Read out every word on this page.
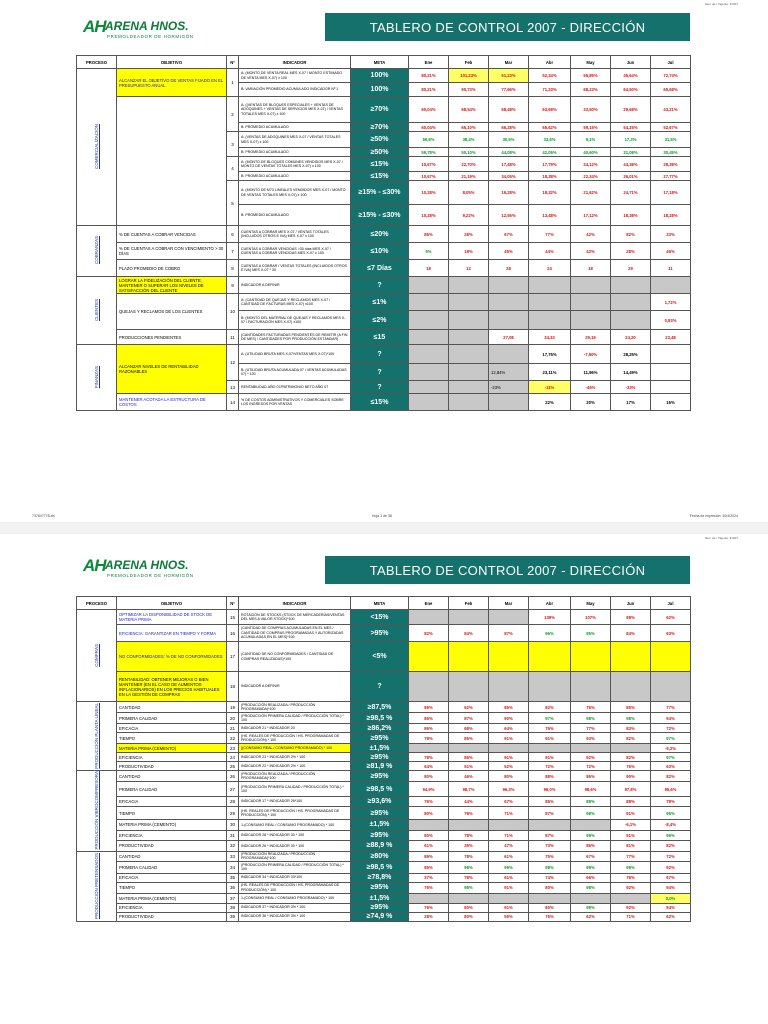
Rev. de / Vigente: 2/3/07
AH ARENA HNOS.
PREMOLDEADOR DE HORMIGÓN
TABLERO DE CONTROL 2007 - DIRECCIÓN
PROCESO	OBJETIVO	Nº	INDICADOR	META	Ene	Feb	Mar	Abr	May	Jun	Jul
COMERCIALIZACIÓN	ALCANZAR EL OBJETIVO DE VENTAS FIJADO EN EL PRESUPUESTO ANUAL	1	A: (MONTO DE VENTA REAL MES X-07 / MONTO ESTIMADO DE VENTA MES X-07) x 100	100%	80,21%	101,23%	51,23%	52,34%	55,85%	45,64%	72,74%
			B: VARIACIÓN PROMEDIO ACUMULADO INDICADOR Nº 1	100%	80,21%	90,73%	77,66%	71,33%	68,23%	64,50%	65,68%
		2	A: ((VENTAS DE BLOQUES ESPECIALES + VENTAS DE ADOQUINES + VENTAS DE SERVICIOS MES X-07) / VENTAS TOTALES MES X-07) x 100	≥70%	60,04%	68,54%	68,48%	63,69%	33,50%	29,68%	43,21%
			B: PROMEDIO ACUMULADO	≥70%	60,04%	65,10%	66,28%	65,62%	59,15%	54,25%	52,67%
		3	A: (VENTAS DE ADOQUINES MES X-07 / VENTAS TOTALES MES X-07) x 100	≥50%	59,6%	38,4%	30,5%	33,6%	9,1%	17,3%	31,5%
			B: PROMEDIO ACUMULADO	≥50%	59,78%	50,10%	44,08%	42,05%	40,60%	31,08%	30,45%
		4	A: (MONTO DE BLOQUES COMUNES VENDIDOS MES X-07 / MONTO DE VENTAS TOTALES MES X-07) x 100	≤15%	10,67%	22,70%	17,48%	17,79%	24,12%	44,38%	28,38%
			B: PROMEDIO ACUMULADO	≤15%	10,67%	21,19%	34,05%	18,38%	22,34%	26,01%	27,77%
		5	A: (MONTO DE M73 LINEALES VENDIDOS MES X-07 / MONTO DE VENTAS TOTALES MES X-07) x 100	≥15% - ≤30%	10,28%	8,05%	19,28%	18,32%	21,62%	24,71%	17,18%
			B: PROMEDIO ACUMULADO	≥15% - ≤30%	10,28%	9,22%	12,55%	13,48%	17,12%	18,38%	18,28%
COBRANZAS	% DE CUENTAS A COBRAR VENCIDAS	6	CUENTAS A COBRAR MES X-07 / VENTAS TOTALES (INCLUIDOS OTROS E IVA) MES X-07 x 100	≤20%	85%	28%	67%	77%	42%	82%	33%
	% DE CUENTAS A COBRAR CON VENCIMIENTO > 30 DÍAS	7	CUENTAS A COBRAR VENCIDAS >30 días MES X-07 / CUENTAS A COBRAR VENCIDAS MES X-07 x 100	≤10%	5%	18%	45%	44%	42%	28%	46%
	PLAZO PROMEDIO DE COBRO	8	CUENTAS A COBRAR / VENTAS TOTALES (INCLUIDOS OTROS E IVA) MES X-07 * 30	≤7 Días	18	12	28	24	18	29	11
CLIENTES	LOGRAR LA FIDELIZACIÓN DEL CLIENTE, MANTENER O SUPERAR LOS NIVELES DE SATISFACCIÓN DEL CLIENTE	9	INDICADOR A DEFINIR	?							
	QUEJAS Y RECLAMOS DE LOS CLIENTES	10	A: (CANTIDAD DE QUEJAS Y RECLAMOS MES X-07 / CANTIDAD DE FACTURAS MES X-07) x100	≤1%							1,72%
			B: (MONTO DEL MATERIAL DE QUEJAS Y RECLAMOS MES X-07 / FACTURACIÓN MES X-07) x100	≤2%							0,93%
	PRODUCCIONES PENDIENTES	11	(CANTIDADES FACTURADAS PENDIENTES DE REMITIR (A FIN DE MES) / CANTIDADES POR PRODUCCIÓN ESTÁNDAR)	≤15			27,08	34,33	29,19	24,20	23,48
FINANZAS	ALCANZAR NIVELES DE RENTABILIDAD RAZONABLES	12	A: (UTILIDAD BRUTA MES X-07/VENTAS MES X-07)*100	?				17,75%	-7,50%	28,25%	
			B: (UTILIDAD BRUTA ACUMULADA 07 / VENTAS ACUMULADAS 07) * 100	?			12,84%	23,11%	11,96%	14,49%	
		13	RENTABILIDAD AÑO 07/PATRIMONIO NETO AÑO 07	?			-23%	-11%	-46%	-33%	
	MANTENER ACOTADA LA ESTRUCTURA DE COSTOS	14	% DE COSTOS ADMINISTRATIVOS Y COMERCIALES SOBRE LOS INGRESOS POR VENTAS	≤15%				22%	20%	17%	16%
737847778.xls	Hoja 1 de 38	Fecha de impresión: 30/4/2024
Rev. de / Vigente: 2/3/07
AH ARENA HNOS.
PREMOLDEADOR DE HORMIGÓN	TABLERO DE CONTROL 2007 - DIRECCIÓN
PROCESO	OBJETIVO	Nº	INDICADOR	META	Ene	Feb	Mar	Abr	May	Jun	Jul
COMPRAS	OPTIMIZAR LA DISPONIBILIDAD DE STOCK DE MATERIA PRIMA	15	ROTACIÓN DE STOCKS (STOCK DE MERCADERÍAS/VENTAS DEL MES A VALOR STOCK)*100	<15%				139%	107%	98%	62%
	EFICIENCIA: GARANTIZAR EN TIEMPO Y FORMA	16	(CANTIDAD DE COMPRAS ACUMULADAS EN EL MES / CANTIDAD DE COMPRAS PROGRAMADAS Y AUTORIZADAS ACUMULADAS EN EL MES)*100	>95%	82%	84%	87%	96%	95%	84%	93%
	NO CONFORMIDADES: % DE NO CONFORMIDADES	17	(CANTIDAD DE NO CONFORMIDADES / CANTIDAD DE COMPRAS REALIZADAS)*100	<5%							
	RENTABILIDAD: OBTENER MEJORAS O BIEN MANTENER (EN EL CASO DE AUMENTOS INFLACIONARIOS) EN LOS PRECIOS HABITUALES EN LA GESTIÓN DE COMPRAS	18	INDICADOR A DEFINIR	?							
PRODUCCIÓN PLANTA LINEAL	CANTIDAD	19	(PRODUCCIÓN REALIZADA / PRODUCCIÓN PROGRAMADA)*100	≥87,5%	89%	62%	85%	82%	76%	85%	77%
	PRIMERA CALIDAD	20	(PRODUCCIÓN PRIMERA CALIDAD / PRODUCCIÓN TOTAL) * 100	≥98,5 %	86%	87%	90%	97%	98%	98%	94%
	EFICACIA	21	INDICADOR 21 * INDICADOR 20	≥86,2%	86%	68%	64%	76%	77%	83%	72%
	TIEMPO	22	(HS. REALES DE PRODUCCIÓN / HS. PROGRAMADAS DE PRODUCCIÓN) * 100	≥95%	78%	85%	91%	91%	93%	82%	97%
	MATERIA PRIMA (CEMENTO)	23	((CONSUMO REAL / CONSUMO PROGRAMADO) * 100	±1,5%							-9,2%
	EFICIENCIA	24	INDICADOR 23 * INDICADOR 2% * 100	≥95%	78%	85%	91%	91%	92%	82%	97%
	PRODUCTIVIDAD	25	INDICADOR 22 * INDICADOR 2% * 100	≥81,9 %	64%	51%	52%	72%	72%	76%	63%
PRODUCCIÓN VIBROCOMPRESORA	CANTIDAD	26	(PRODUCCIÓN REALIZADA / PRODUCCIÓN PROGRAMADA)*100	≥95%	80%	46%	80%	88%	86%	90%	82%
	PRIMERA CALIDAD	27	(PRODUCCIÓN PRIMERA CALIDAD / PRODUCCIÓN TOTAL) * 100	≥98,5 %	94,9%	98,7%	96,3%	96,0%	98,6%	97,8%	95,6%
	EFICACIA	28	INDICADOR 17 * INDICADOR 26*100	≥93,6%	76%	44%	67%	85%	88%	88%	78%
	TIEMPO	29	(HS. REALES DE PRODUCCIÓN / HS. PROGRAMADAS DE PRODUCCIÓN) * 100	≥95%	80%	78%	71%	87%	98%	91%	96%
	MATERIA PRIMA (CEMENTO)	30	1-(CONSUMO REAL / CONSUMO PROGRAMADO) * 100	±1,5%						-6,1%	-8,4%
	EFICIENCIA	31	INDICADOR 28 * INDICADOR 30 * 100	≥95%	80%	78%	71%	87%	98%	91%	96%
	PRODUCTIVIDAD	32	INDICADOR 26 * INDICADOR 30 * 100	≥88,9 %	61%	35%	47%	73%	86%	81%	82%
PRODUCCIÓN PRETENSADOS	CANTIDAD	33	(PRODUCCIÓN REALIZADA / PRODUCCIÓN PROGRAMADA)*100	≥80%	89%	78%	61%	75%	67%	77%	72%
	PRIMERA CALIDAD	34	(PRODUCCIÓN PRIMERA CALIDAD / PRODUCCIÓN TOTAL) * 100	≥98,5 %	85%	98%	99%	98%	98%	98%	92%
	EFICACIA	35	INDICADOR 34 * INDICADOR 33*100	≥78,8%	37%	78%	61%	74%	66%	76%	67%
	TIEMPO	36	(HS. REALES DE PRODUCCIÓN / HS. PROGRAMADAS DE PRODUCCIÓN) * 100	≥95%	76%	98%	91%	80%	98%	92%	94%
	MATERIA PRIMA (CEMENTO)	37	1-(CONSUMO REAL / CONSUMO PROGRAMADO) * 100	±1,5%							0,0%
	EFICIENCIA	38	INDICADOR 37 * INDICADOR 3% * 100	≥95%	76%	80%	91%	80%	98%	92%	94%
	PRODUCTIVIDAD	39	INDICADOR 36 * INDICADOR 3% * 100	≥74,9 %	28%	80%	55%	76%	62%	71%	62%
